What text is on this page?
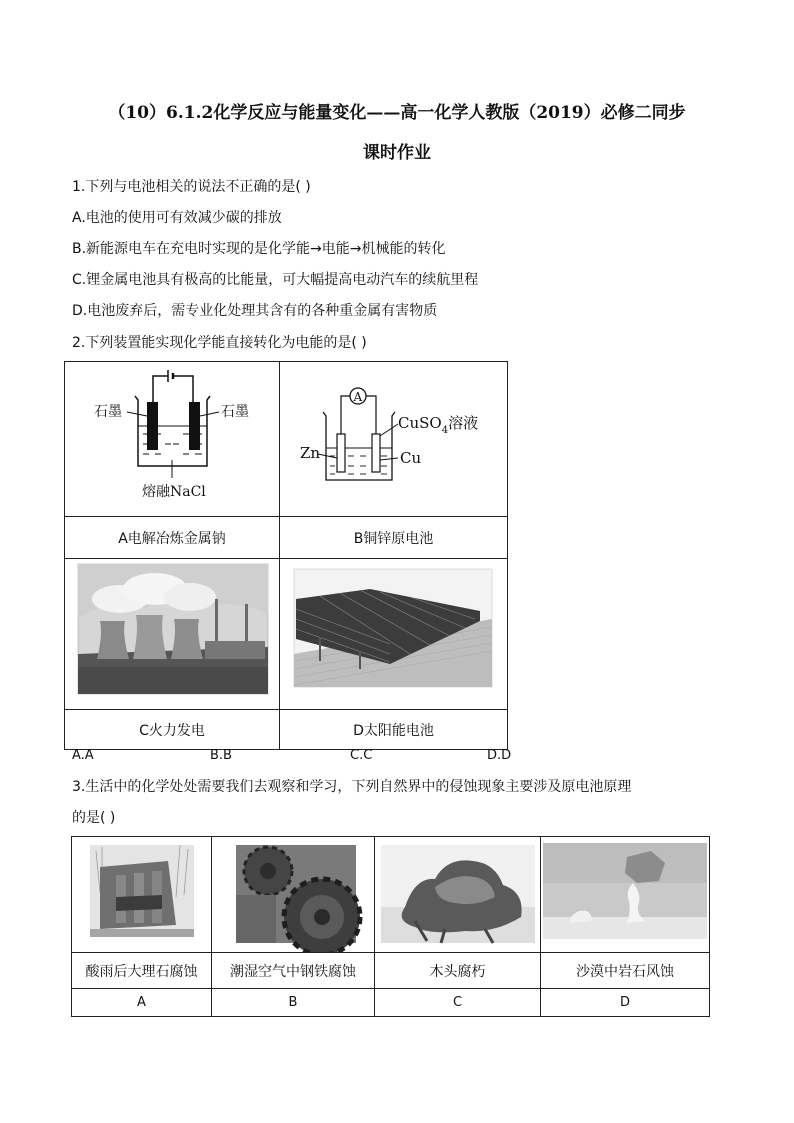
（10）6.1.2化学反应与能量变化——高一化学人教版（2019）必修二同步
课时作业
1.下列与电池相关的说法不正确的是( )
A.电池的使用可有效减少碳的排放
B.新能源电车在充电时实现的是化学能→电能→机械能的转化
C.锂金属电池具有极高的比能量，可大幅提高电动汽车的续航里程
D.电池废弃后，需专业化处理其含有的各种重金属有害物质
2.下列装置能实现化学能直接转化为电能的是( )
石墨 石墨
熔融NaCl	A
CuSO$_4$溶液
Zn Cu

A电解冶炼金属钠	B铜锌原电池

C火力发电	D太阳能电池
A.A	B.B	C.C	D.D
3.生活中的化学处处需要我们去观察和学习，下列自然界中的侵蚀现象主要涉及原电池原理
的是( )

酸雨后大理石腐蚀	潮湿空气中钢铁腐蚀	木头腐朽	沙漠中岩石风蚀
A	B	C	D
